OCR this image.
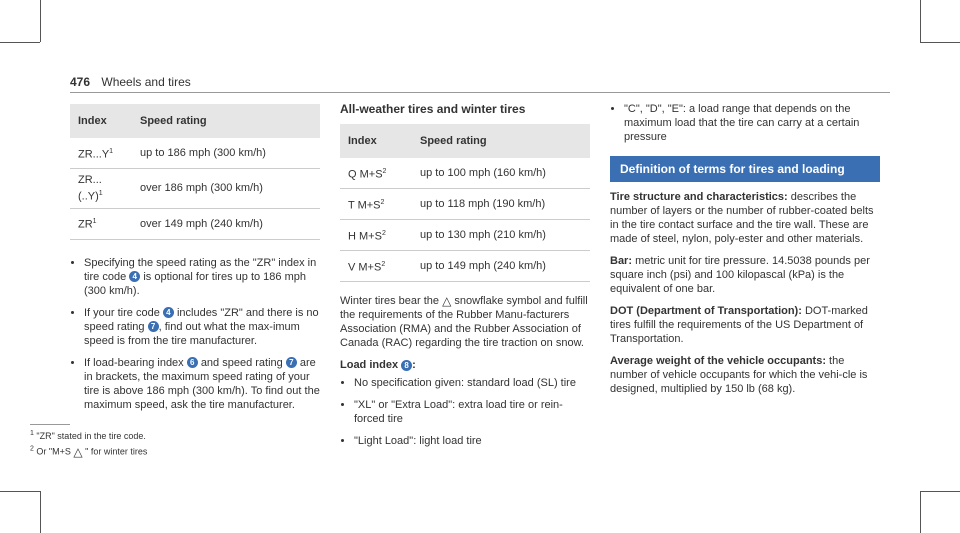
476 Wheels and tires
Index	Speed rating
$ZR...Y^1$	up to 186 mph (300 km/h)
$ZR...(..Y)^1$	over 186 mph (300 km/h)
$ZR^1$	over 149 mph (240 km/h)
• Specifying the speed rating as the "ZR" index in tire code 4 is optional for tires up to 186 mph (300 km/h).
• If your tire code 4 includes "ZR" and there is no speed rating 7 , find out what the max-imum speed is from the tire manufacturer.
• If load-bearing index 6 and speed rating 7 are in brackets, the maximum speed rating of your tire is above 186 mph (300 km/h). To find out the maximum speed, ask the tire manufacturer.

All-weather tires and winter tires

Index	Speed rating
Q $M+S^2$	up to 100 mph (160 km/h)
T $M+S^2$	up to 118 mph (190 km/h)
H $M+S^2$	up to 130 mph (210 km/h)
V $M+S^2$	up to 149 mph (240 km/h)

Winter tires bear the △ snowflake symbol and fulfill the requirements of the Rubber Manu-facturers Association (RMA) and the Rubber Association of Canada (RAC) regarding the tire traction on snow.

Load index 8 :

• No specification given: standard load (SL) tire
• "XL" or "Extra Load": extra load tire or rein-forced tire
• "Light Load": light load tire
• "C", "D", "E": a load range that depends on the maximum load that the tire can carry at a certain pressure
Definition of terms for tires and loading

Tire structure and characteristics: describes the number of layers or the number of rubber-coated belts in the tire contact surface and the tire wall. These are made of steel, nylon, poly-ester and other materials.

Bar: metric unit for tire pressure. 14.5038 pounds per square inch (psi) and 100 kilopascal (kPa) is the equivalent of one bar.

DOT (Department of Transportation): DOT-marked tires fulfill the requirements of the US Department of Transportation.

Average weight of the vehicle occupants: the number of vehicle occupants for which the vehi-cle is designed, multiplied by 150 lb (68 kg).

$^1$ "ZR" stated in the tire code.
$^2$ Or "M+S △ " for winter tires
